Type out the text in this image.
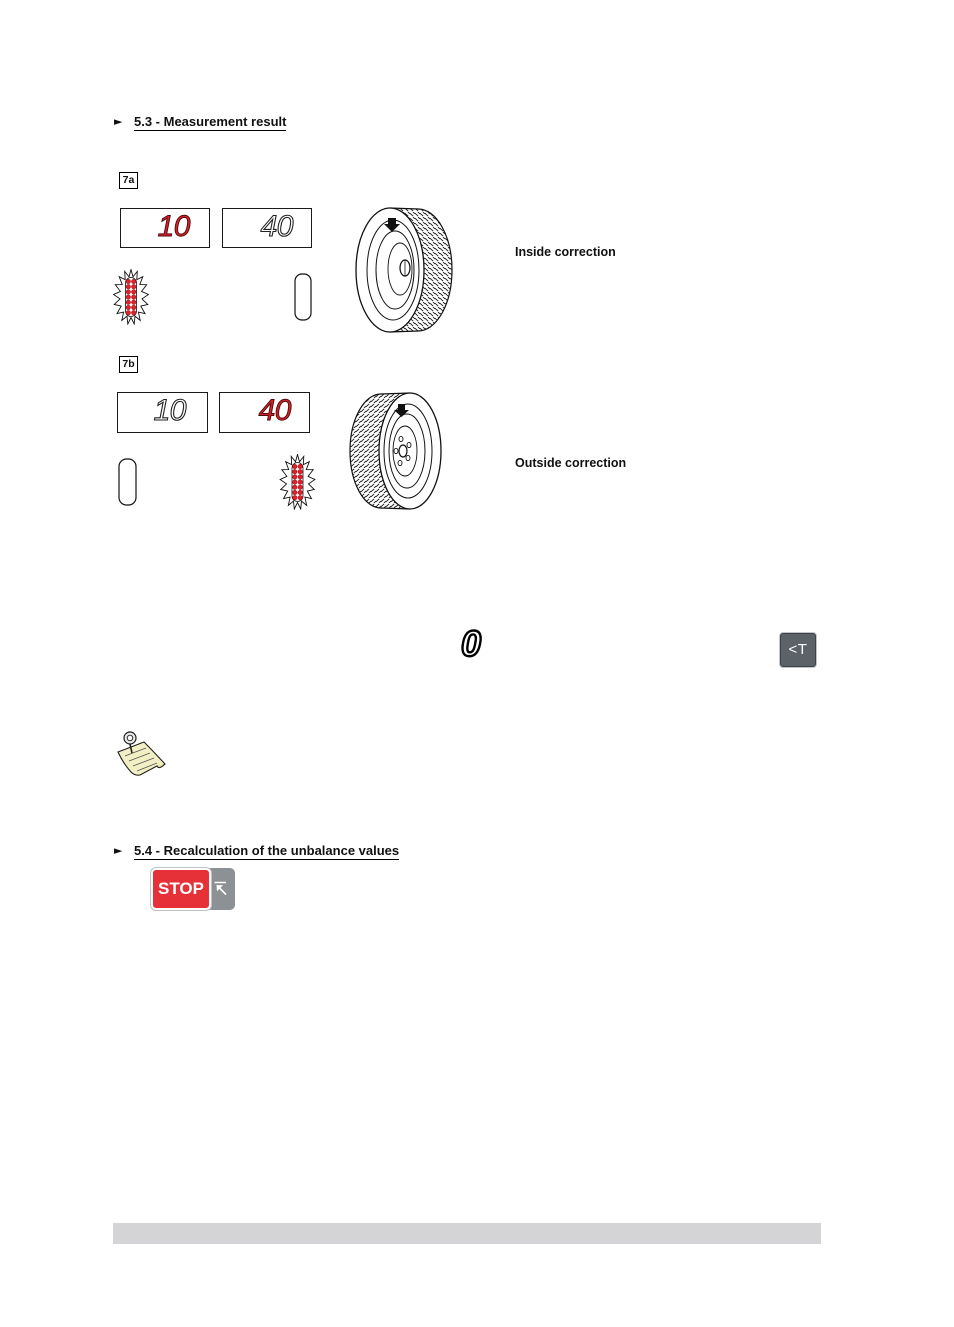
► 5.3 - Measurement result
7a
10 40
Inside correction
7b
10 40
Outside correction
0	<T
► 5.4 - Recalculation of the unbalance values
STOP
